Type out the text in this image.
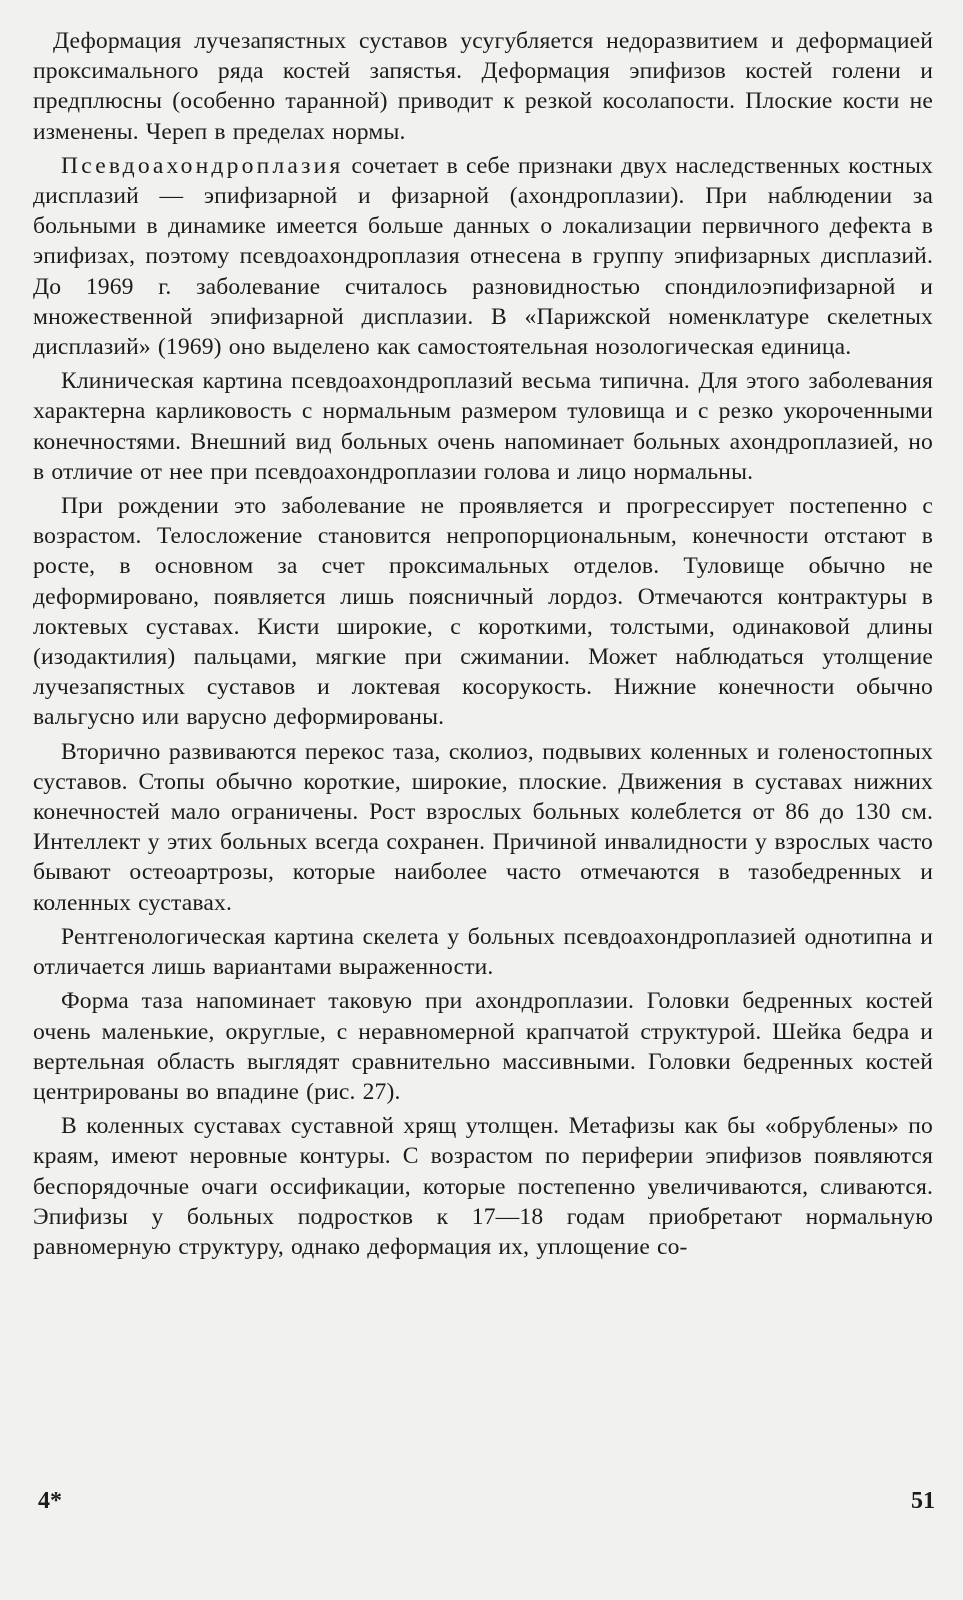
Деформация лучезапястных суставов усугубляется недоразвитием и деформацией проксимального ряда костей запястья. Деформация эпифизов костей голени и предплюсны (особенно таранной) приводит к резкой косолапости. Плоские кости не изменены. Череп в пределах нормы.

Псевдоахондроплазия сочетает в себе признаки двух наследственных костных дисплазий — эпифизарной и физарной (ахондроплазии). При наблюдении за больными в динамике имеется больше данных о локализации первичного дефекта в эпифизах, поэтому псевдоахондроплазия отнесена в группу эпифизарных дисплазий. До 1969 г. заболевание считалось разновидностью спондилоэпифизарной и множественной эпифизарной дисплазии. В «Парижской номенклатуре скелетных дисплазий» (1969) оно выделено как самостоятельная нозологическая единица.

Клиническая картина псевдоахондроплазий весьма типична. Для этого заболевания характерна карликовость с нормальным размером туловища и с резко укороченными конечностями. Внешний вид больных очень напоминает больных ахондроплазией, но в отличие от нее при псевдоахондроплазии голова и лицо нормальны.

При рождении это заболевание не проявляется и прогрессирует постепенно с возрастом. Телосложение становится непропорциональным, конечности отстают в росте, в основном за счет проксимальных отделов. Туловище обычно не деформировано, появляется лишь поясничный лордоз. Отмечаются контрактуры в локтевых суставах. Кисти широкие, с короткими, толстыми, одинаковой длины (изодактилия) пальцами, мягкие при сжимании. Может наблюдаться утолщение лучезапястных суставов и локтевая косорукость. Нижние конечности обычно вальгусно или варусно деформированы.

Вторично развиваются перекос таза, сколиоз, подвывих коленных и голеностопных суставов. Стопы обычно короткие, широкие, плоские. Движения в суставах нижних конечностей мало ограничены. Рост взрослых больных колеблется от 86 до 130 см. Интеллект у этих больных всегда сохранен. Причиной инвалидности у взрослых часто бывают остеоартрозы, которые наиболее часто отмечаются в тазобедренных и коленных суставах.

Рентгенологическая картина скелета у больных псевдоахондроплазией однотипна и отличается лишь вариантами выраженности.

Форма таза напоминает таковую при ахондроплазии. Головки бедренных костей очень маленькие, округлые, с неравномерной крапчатой структурой. Шейка бедра и вертельная область выглядят сравнительно массивными. Головки бедренных костей центрированы во впадине (рис. 27).

В коленных суставах суставной хрящ утолщен. Метафизы как бы «обрублены» по краям, имеют неровные контуры. С возрастом по периферии эпифизов появляются беспорядочные очаги оссификации, которые постепенно увеличиваются, сливаются. Эпифизы у больных подростков к 17—18 годам приобретают нормальную равномерную структуру, однако деформация их, уплощение со-

4*	51
